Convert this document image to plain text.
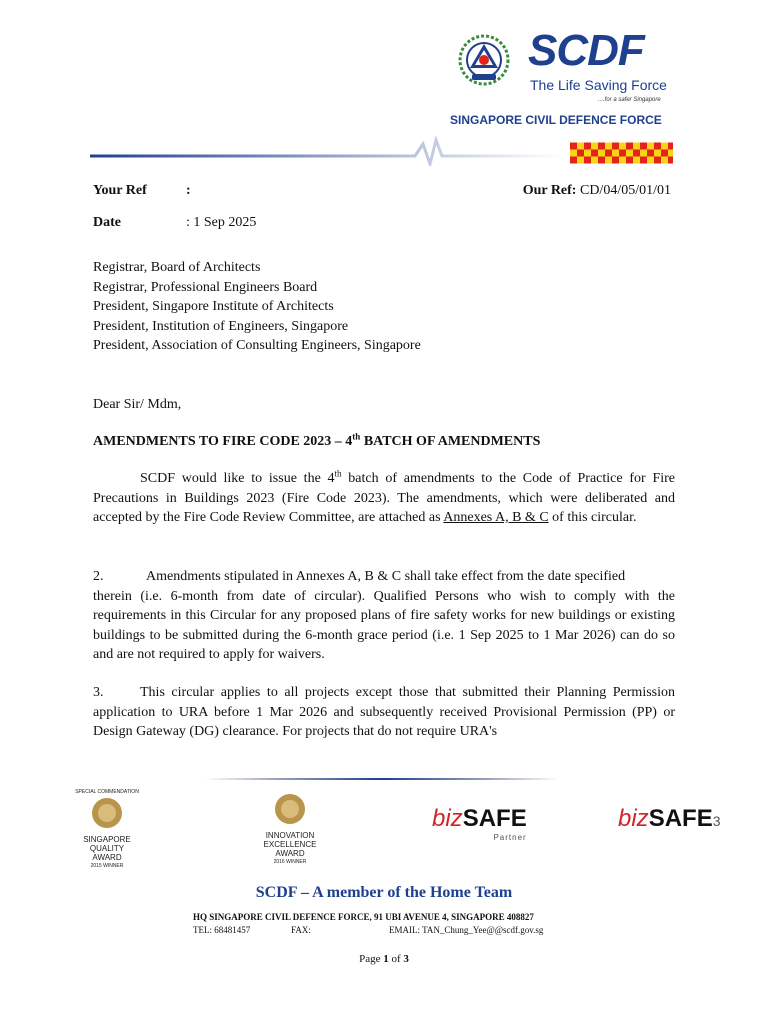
SCDF
The Life Saving Force
....for a safer Singapore
SINGAPORE CIVIL DEFENCE FORCE
Your Ref	:	Our Ref: CD/04/05/01/01
Date	: 1 Sep 2025
Registrar, Board of Architects
Registrar, Professional Engineers Board
President, Singapore Institute of Architects
President, Institution of Engineers, Singapore
President, Association of Consulting Engineers, Singapore
Dear Sir/ Mdm,
AMENDMENTS TO FIRE CODE 2023 – 4th BATCH OF AMENDMENTS
SCDF would like to issue the 4th batch of amendments to the Code of Practice for Fire Precautions in Buildings 2023 (Fire Code 2023). The amendments, which were deliberated and accepted by the Fire Code Review Committee, are attached as Annexes A, B & C of this circular.
2.	Amendments stipulated in Annexes A, B & C shall take effect from the date specified
therein (i.e. 6-month from date of circular). Qualified Persons who wish to comply with the requirements in this Circular for any proposed plans of fire safety works for new buildings or existing buildings to be submitted during the 6-month grace period (i.e. 1 Sep 2025 to 1 Mar 2026) can do so and are not required to apply for waivers.
3.	This circular applies to all projects except those that submitted their Planning Permission application to URA before 1 Mar 2026 and subsequently received Provisional Permission (PP) or Design Gateway (DG) clearance. For projects that do not require URA's
SPECIAL COMMENDATION
SINGAPORE
QUALITY
AWARD
2015 WINNER
INNOVATION
EXCELLENCE
AWARD
2016 WINNER
bizSAFE
Partner
bizSAFE3
SCDF – A member of the Home Team
HQ SINGAPORE CIVIL DEFENCE FORCE, 91 UBI AVENUE 4, SINGAPORE 408827
TEL: 68481457	FAX:	EMAIL: TAN_Chung_Yee@@scdf.gov.sg
Page 1 of 3
